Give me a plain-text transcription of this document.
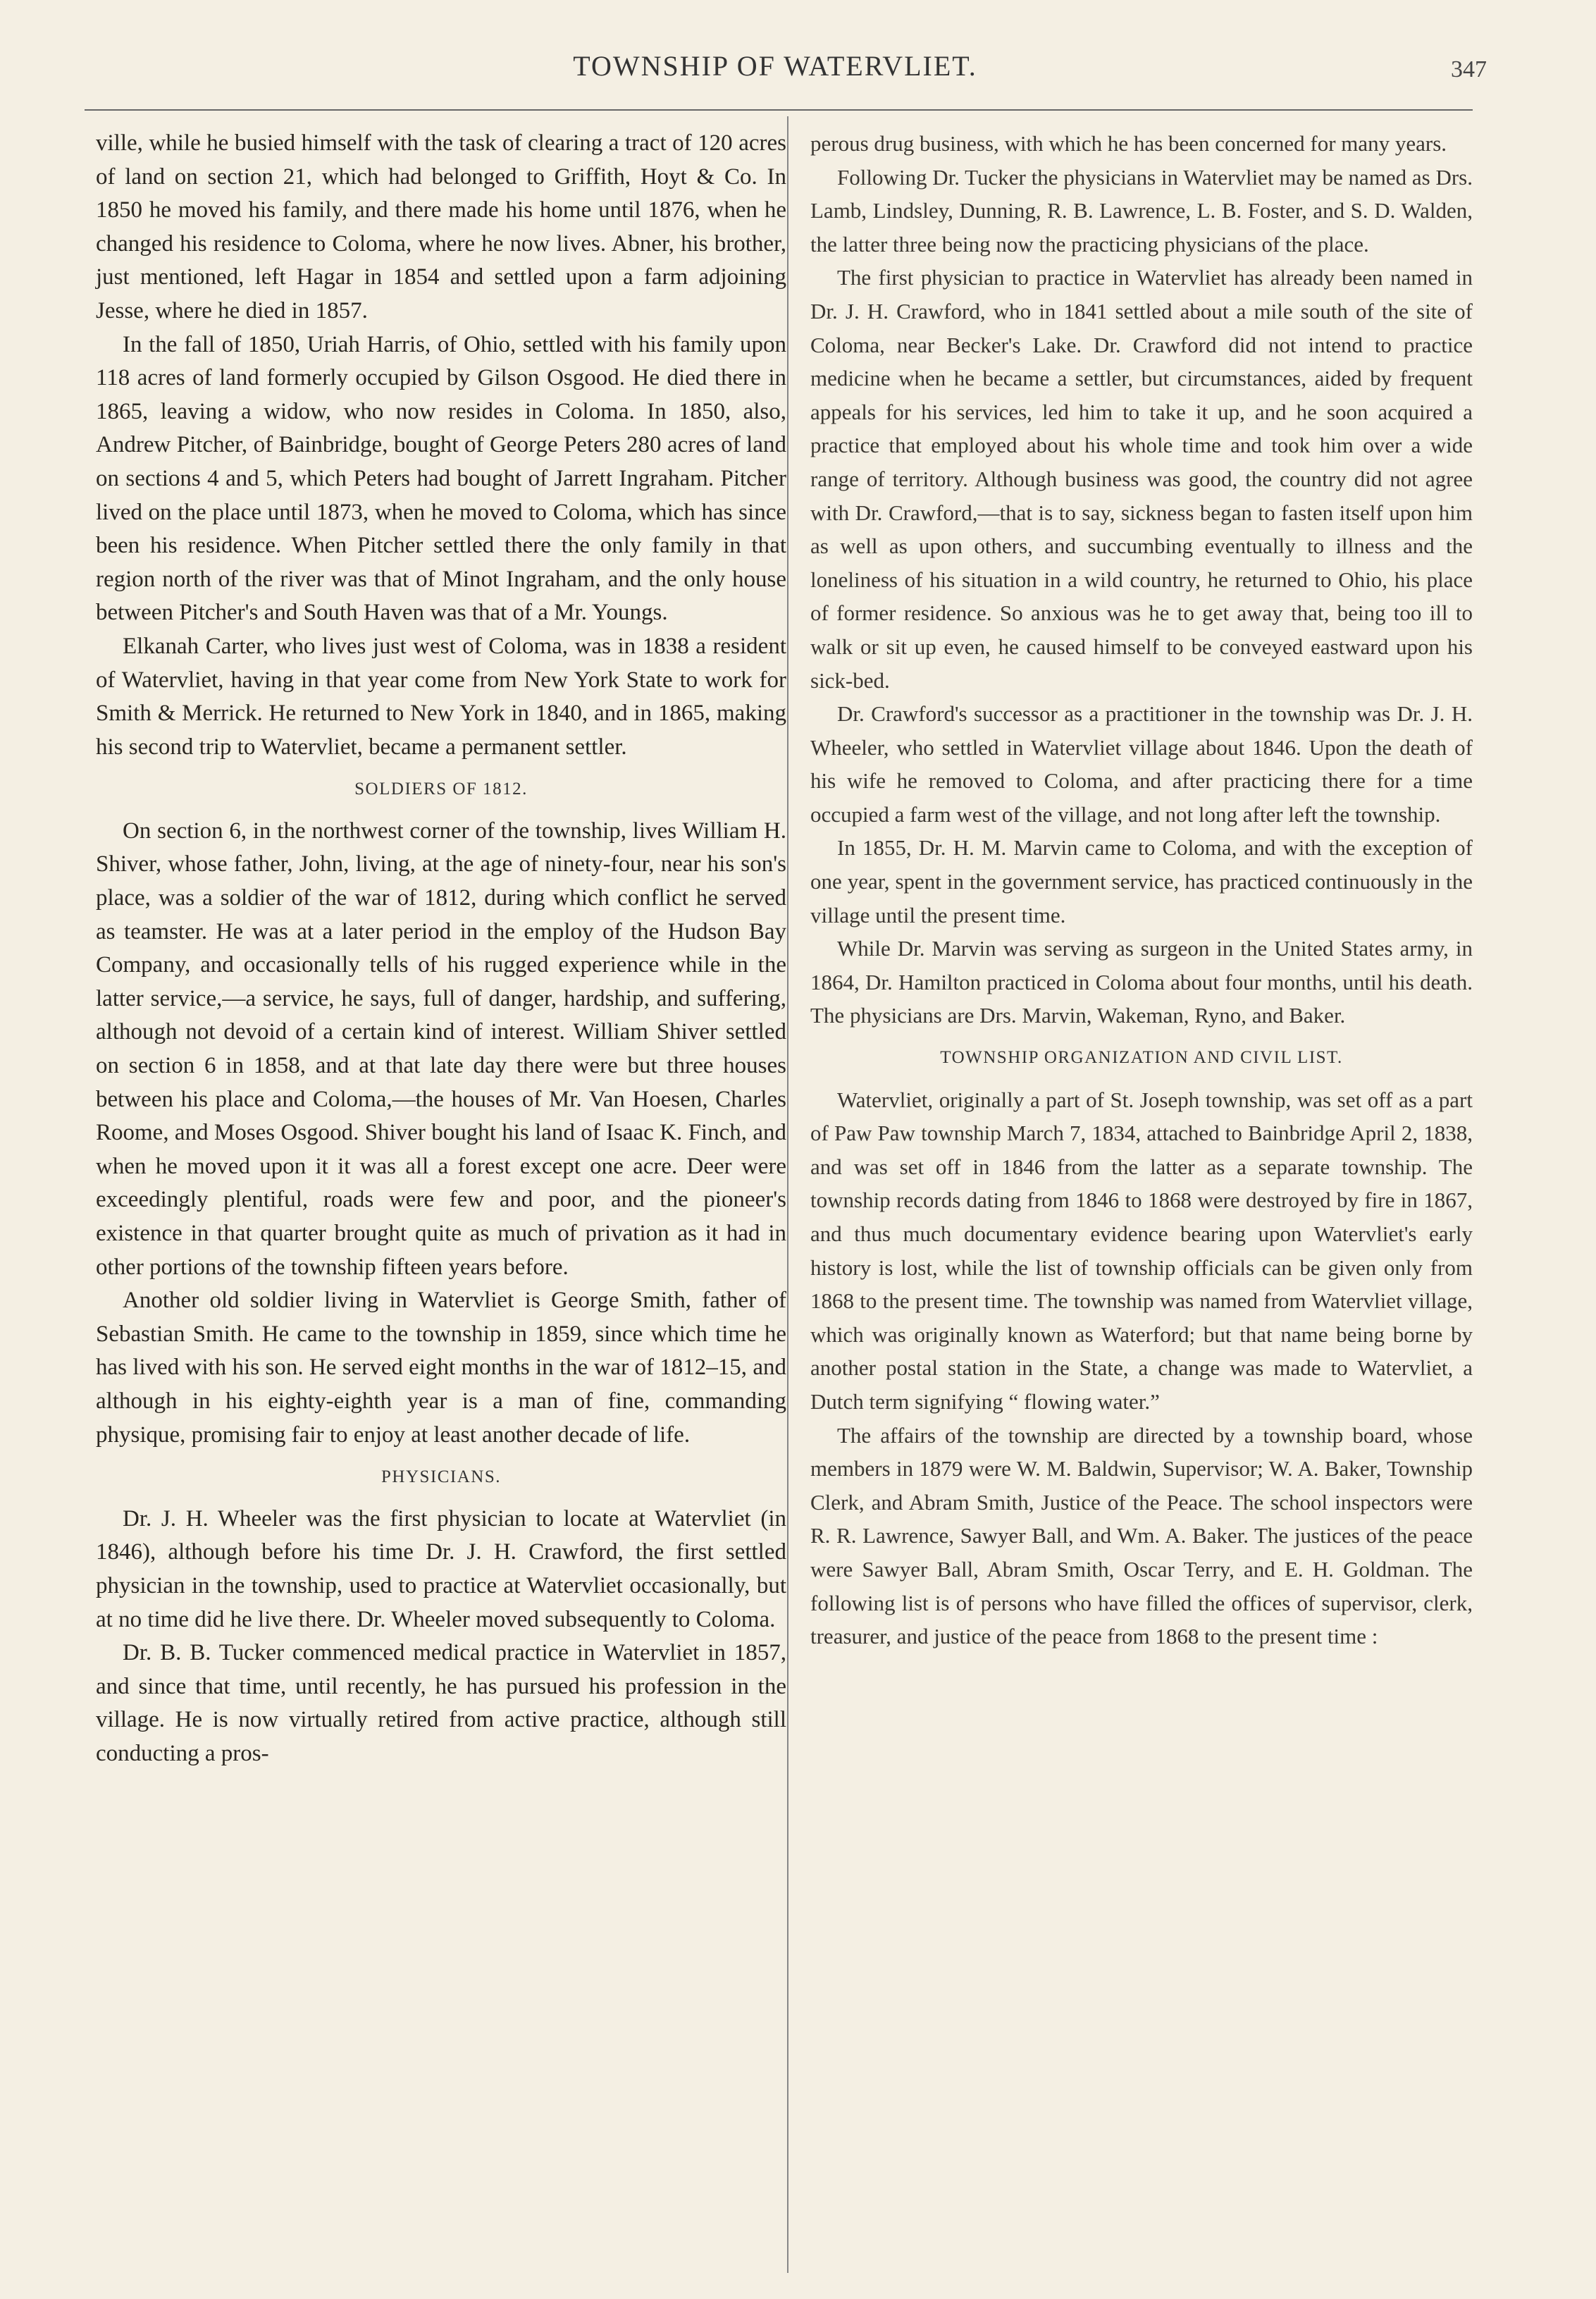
TOWNSHIP OF WATERVLIET.	347

ville, while he busied himself with the task of clearing a tract of 120 acres of land on section 21, which had belonged to Griffith, Hoyt & Co. In 1850 he moved his family, and there made his home until 1876, when he changed his residence to Coloma, where he now lives. Abner, his brother, just mentioned, left Hagar in 1854 and settled upon a farm adjoining Jesse, where he died in 1857.

In the fall of 1850, Uriah Harris, of Ohio, settled with his family upon 118 acres of land formerly occupied by Gilson Osgood. He died there in 1865, leaving a widow, who now resides in Coloma. In 1850, also, Andrew Pitcher, of Bainbridge, bought of George Peters 280 acres of land on sections 4 and 5, which Peters had bought of Jarrett Ingraham. Pitcher lived on the place until 1873, when he moved to Coloma, which has since been his residence. When Pitcher settled there the only family in that region north of the river was that of Minot Ingraham, and the only house between Pitcher's and South Haven was that of a Mr. Youngs.

Elkanah Carter, who lives just west of Coloma, was in 1838 a resident of Watervliet, having in that year come from New York State to work for Smith & Merrick. He returned to New York in 1840, and in 1865, making his second trip to Watervliet, became a permanent settler.

SOLDIERS OF 1812.

On section 6, in the northwest corner of the township, lives William H. Shiver, whose father, John, living, at the age of ninety-four, near his son's place, was a soldier of the war of 1812, during which conflict he served as teamster. He was at a later period in the employ of the Hudson Bay Company, and occasionally tells of his rugged experience while in the latter service,—a service, he says, full of danger, hardship, and suffering, although not devoid of a certain kind of interest. William Shiver settled on section 6 in 1858, and at that late day there were but three houses between his place and Coloma,—the houses of Mr. Van Hoesen, Charles Roome, and Moses Osgood. Shiver bought his land of Isaac K. Finch, and when he moved upon it it was all a forest except one acre. Deer were exceedingly plentiful, roads were few and poor, and the pioneer's existence in that quarter brought quite as much of privation as it had in other portions of the township fifteen years before.

Another old soldier living in Watervliet is George Smith, father of Sebastian Smith. He came to the township in 1859, since which time he has lived with his son. He served eight months in the war of 1812–15, and although in his eighty-eighth year is a man of fine, commanding physique, promising fair to enjoy at least another decade of life.

PHYSICIANS.

Dr. J. H. Wheeler was the first physician to locate at Watervliet (in 1846), although before his time Dr. J. H. Crawford, the first settled physician in the township, used to practice at Watervliet occasionally, but at no time did he live there. Dr. Wheeler moved subsequently to Coloma.

Dr. B. B. Tucker commenced medical practice in Watervliet in 1857, and since that time, until recently, he has pursued his profession in the village. He is now virtually retired from active practice, although still conducting a pros-

perous drug business, with which he has been concerned for many years.

Following Dr. Tucker the physicians in Watervliet may be named as Drs. Lamb, Lindsley, Dunning, R. B. Lawrence, L. B. Foster, and S. D. Walden, the latter three being now the practicing physicians of the place.

The first physician to practice in Watervliet has already been named in Dr. J. H. Crawford, who in 1841 settled about a mile south of the site of Coloma, near Becker's Lake. Dr. Crawford did not intend to practice medicine when he became a settler, but circumstances, aided by frequent appeals for his services, led him to take it up, and he soon acquired a practice that employed about his whole time and took him over a wide range of territory. Although business was good, the country did not agree with Dr. Crawford,—that is to say, sickness began to fasten itself upon him as well as upon others, and succumbing eventually to illness and the loneliness of his situation in a wild country, he returned to Ohio, his place of former residence. So anxious was he to get away that, being too ill to walk or sit up even, he caused himself to be conveyed eastward upon his sick-bed.

Dr. Crawford's successor as a practitioner in the township was Dr. J. H. Wheeler, who settled in Watervliet village about 1846. Upon the death of his wife he removed to Coloma, and after practicing there for a time occupied a farm west of the village, and not long after left the township.

In 1855, Dr. H. M. Marvin came to Coloma, and with the exception of one year, spent in the government service, has practiced continuously in the village until the present time.

While Dr. Marvin was serving as surgeon in the United States army, in 1864, Dr. Hamilton practiced in Coloma about four months, until his death. The physicians are Drs. Marvin, Wakeman, Ryno, and Baker.

TOWNSHIP ORGANIZATION AND CIVIL LIST.

Watervliet, originally a part of St. Joseph township, was set off as a part of Paw Paw township March 7, 1834, attached to Bainbridge April 2, 1838, and was set off in 1846 from the latter as a separate township. The township records dating from 1846 to 1868 were destroyed by fire in 1867, and thus much documentary evidence bearing upon Watervliet's early history is lost, while the list of township officials can be given only from 1868 to the present time. The township was named from Watervliet village, which was originally known as Waterford; but that name being borne by another postal station in the State, a change was made to Watervliet, a Dutch term signifying “ flowing water.”

The affairs of the township are directed by a township board, whose members in 1879 were W. M. Baldwin, Supervisor; W. A. Baker, Township Clerk, and Abram Smith, Justice of the Peace. The school inspectors were R. R. Lawrence, Sawyer Ball, and Wm. A. Baker. The justices of the peace were Sawyer Ball, Abram Smith, Oscar Terry, and E. H. Goldman. The following list is of persons who have filled the offices of supervisor, clerk, treasurer, and justice of the peace from 1868 to the present time :
